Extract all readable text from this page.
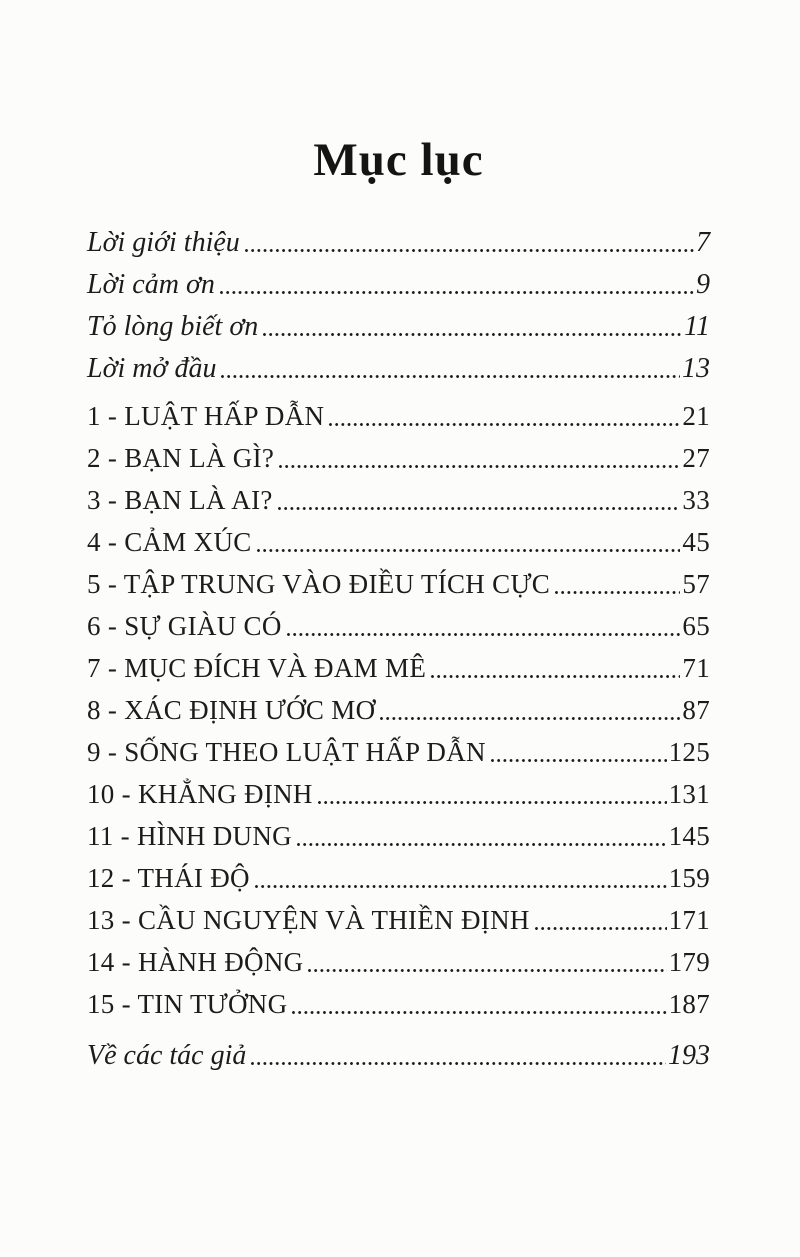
Mục lục
Lời giới thiệu	7
Lời cảm ơn	9
Tỏ lòng biết ơn	11
Lời mở đầu	13
1 - LUẬT HẤP DẪN	21
2 - BẠN LÀ GÌ?	27
3 - BẠN LÀ AI?	33
4 - CẢM XÚC	45
5 - TẬP TRUNG VÀO ĐIỀU TÍCH CỰC	57
6 - SỰ GIÀU CÓ	65
7 - MỤC ĐÍCH VÀ ĐAM MÊ	71
8 - XÁC ĐỊNH ƯỚC MƠ	87
9 - SỐNG THEO LUẬT HẤP DẪN	125
10 - KHẲNG ĐỊNH	131
11 - HÌNH DUNG	145
12 - THÁI ĐỘ	159
13 - CẦU NGUYỆN VÀ THIỀN ĐỊNH	171
14 - HÀNH ĐỘNG	179
15 - TIN TƯỞNG	187
Về các tác giả	193
